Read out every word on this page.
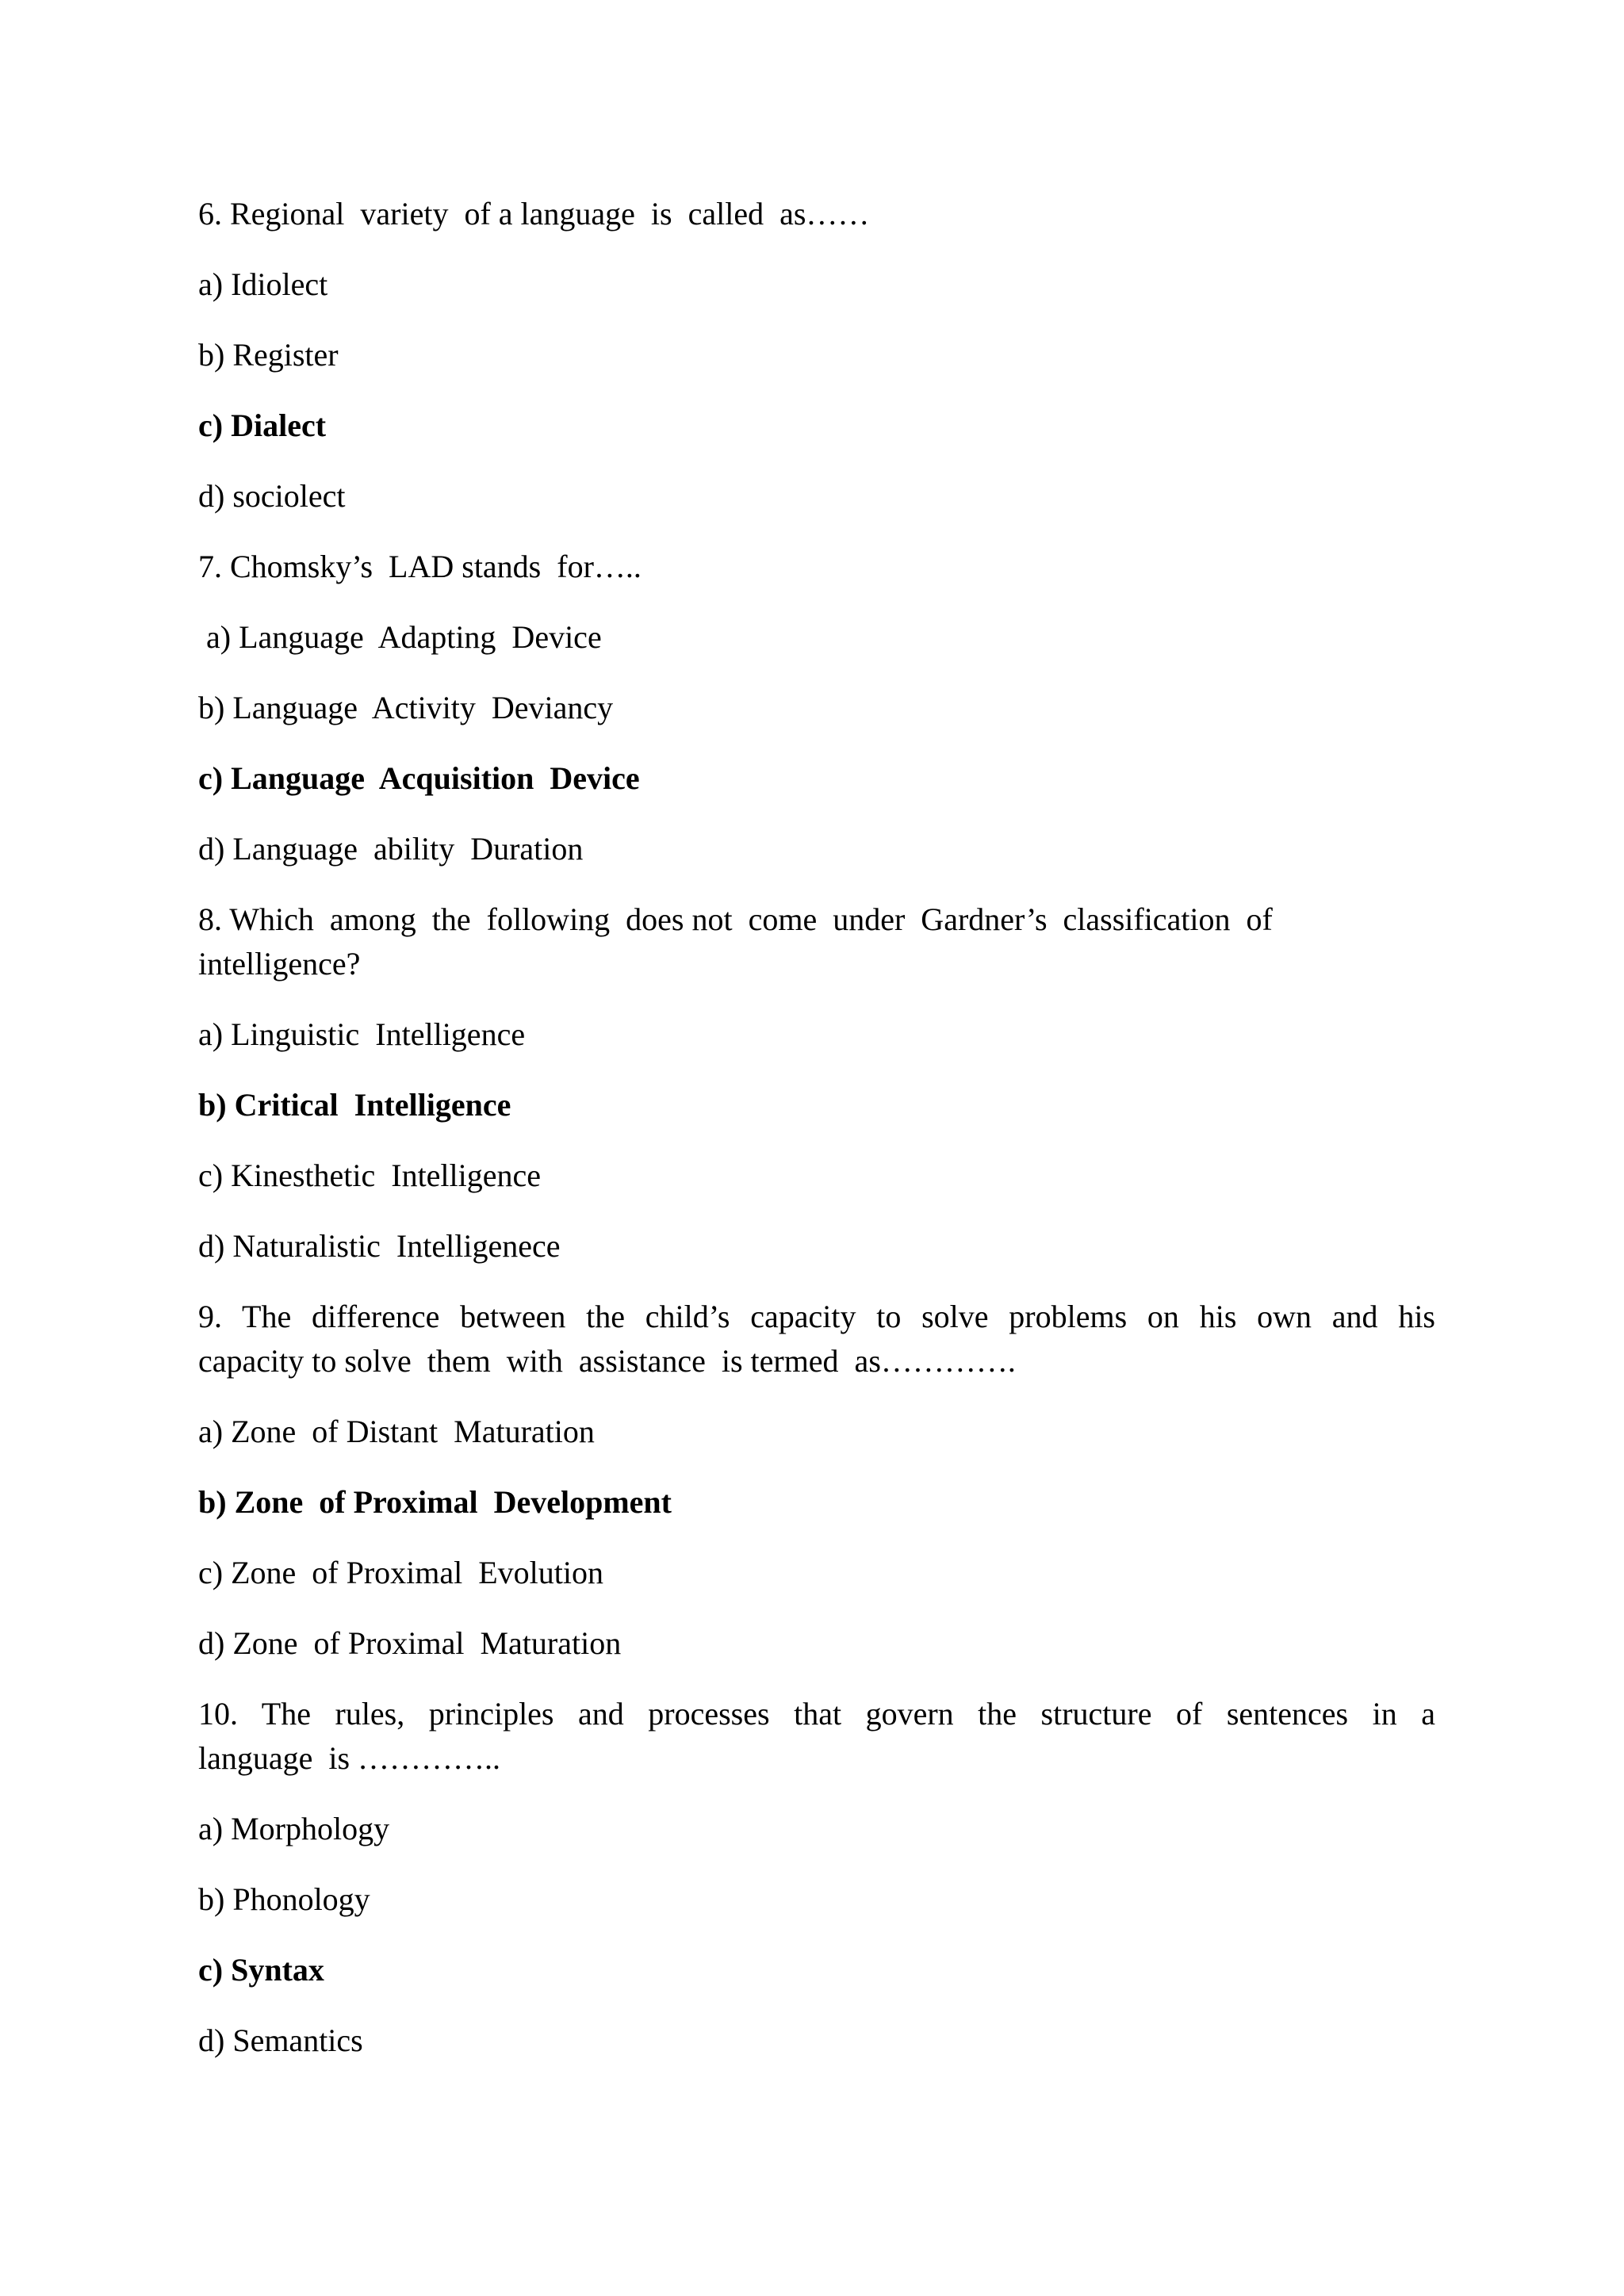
6. Regional  variety  of a language  is  called  as……

a) Idiolect

b) Register

c) Dialect

d) sociolect

7. Chomsky’s  LAD stands  for…..

a) Language  Adapting  Device

b) Language  Activity  Deviancy

c) Language  Acquisition  Device

d) Language  ability  Duration

8. Which  among  the  following  does not  come  under  Gardner’s  classification  of intelligence?

a) Linguistic  Intelligence

b) Critical  Intelligence

c) Kinesthetic  Intelligence

d) Naturalistic  Intelligenece

9.  The  difference  between  the  child’s  capacity  to  solve  problems  on  his  own  and  his  capacity to solve  them  with  assistance  is termed  as………….

a) Zone  of Distant  Maturation

b) Zone  of Proximal  Development

c) Zone  of Proximal  Evolution

d) Zone  of Proximal  Maturation

10.  The  rules,  principles  and  processes  that  govern  the  structure  of  sentences  in  a  language  is …………..

a) Morphology

b) Phonology

c) Syntax

d) Semantics
